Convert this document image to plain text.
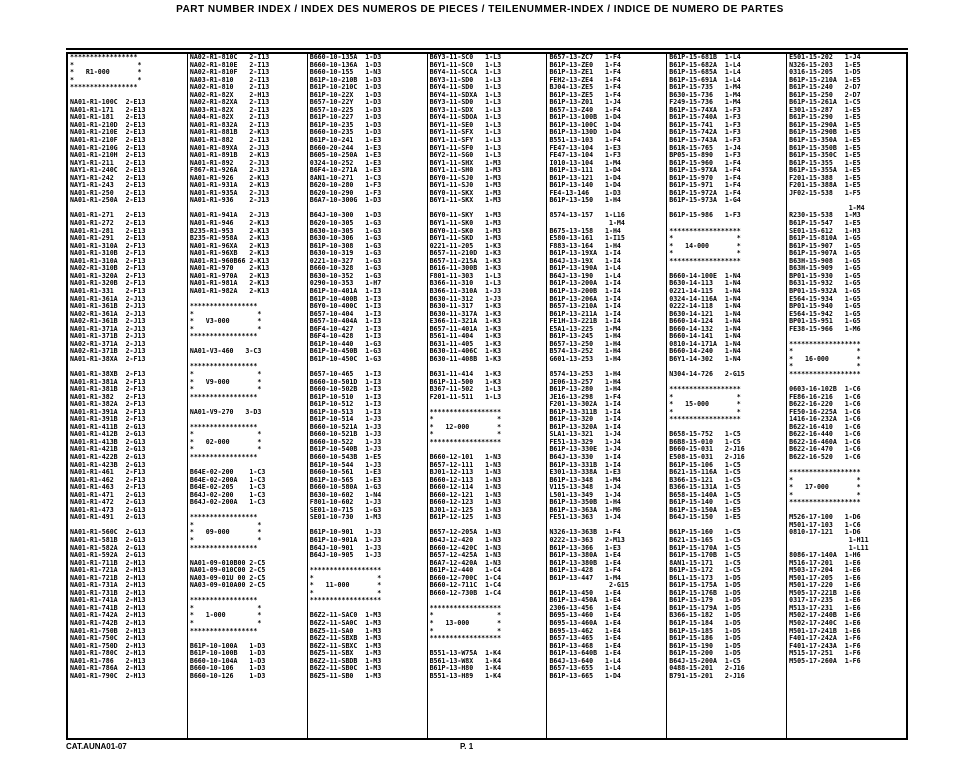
PART NUMBER INDEX / INDEX DES NUMEROS DE PIECES / TEILENUMMER-INDEX / INDICE DE NUMERO DE PARTES
*****************
*                *
*   R1-000       *
*                *
*****************
NA01-R1-100C  2-E13
NA01-R1-171   2-E13
NA01-R1-181   2-E13
NA01-R1-210D  2-E13
NA01-R1-210E  2-E13
NA01-R1-210F  2-E13
NA01-R1-210G  2-E13
NA01-R1-210H  2-E13
NAY1-R1-211   2-E13
NAY1-R1-240C  2-E13
NAY1-R1-242   2-E13
NAY1-R1-243   2-E13
NA01-R1-250   2-E13
NA01-R1-250A  2-E13
NA01-R1-271   2-E13
NA01-R1-272   2-E13
NA01-R1-281   2-E13
NA01-R1-291   2-E13
NA01-R1-310A  2-F13
NA01-R1-310B  2-F13
NA01-R1-310A  2-F13
NA02-R1-310B  2-F13
NA01-R1-320A  2-F13
NA01-R1-320B  2-F13
NA01-R1-331   2-F13
NA01-R1-361A  2-J13
NA01-R1-361B  2-J13
NA02-R1-361A  2-J13
NA02-R1-361B  2-J13
NA01-R1-371A  2-J13
NA01-R1-371B  2-J13
NA02-R1-371A  2-J13
NA02-R1-371B  2-J13
NA01-R1-38XA  2-F13
NA01-R1-38XB  2-F13
NA01-R1-381A  2-F13
NA01-R1-381B  2-F13
NA01-R1-382   2-F13
NA01-R1-382A  2-F13
NA01-R1-391A  2-F13
NA01-R1-391B  2-F13
NA01-R1-411B  2-G13
NA01-R1-412B  2-G13
NA01-R1-413B  2-G13
NA01-R1-421B  2-G13
NA01-R1-422B  2-G13
NA01-R1-423B  2-G13
NA01-R1-461   2-F13
NA01-R1-462   2-F13
NA01-R1-463   2-F13
NA01-R1-471   2-G13
NA01-R1-472   2-G13
NA01-R1-473   2-G13
NA01-R1-491   2-G13
NA01-R1-560C  2-G13
NA01-R1-581B  2-G13
NA01-R1-582A  2-G13
NA01-R1-592A  2-G13
NA01-R1-711B  2-H13
NA01-R1-721A  2-H13
NA01-R1-721B  2-H13
NA01-R1-731A  2-H13
NA01-R1-731B  2-H13
NA01-R1-741A  2-H13
NA01-R1-741B  2-H13
NA01-R1-742A  2-H13
NA01-R1-742B  2-H13
NA01-R1-750B  2-H13
NA01-R1-750C  2-H13
NA01-R1-750D  2-H13
NA01-R1-780C  2-H13
NA01-R1-786   2-H13
NA01-R1-786A  2-H13
NA01-R1-790C  2-H13
NA02-R1-810C   2-I13
NA02-R1-810E   2-I13
NA02-R1-810F   2-I13
NA03-R1-810    2-I13
NA02-R1-810    2-I13
NA02-R1-82X    2-H13
NA02-R1-82XA   2-I13
NA03-R1-82X    2-I13
NA04-R1-82X    2-I13
NA01-R1-832A   2-I13
NA01-R1-881B   2-K13
NA01-R1-882    2-I13
NA01-R1-89XA   2-J13
NA01-R1-891B   2-K13
NA01-R1-892    2-J13
F867-R1-926A   2-J13
NA01-R1-926    2-K13
NA01-R1-931A   2-K13
NA01-R1-935A   2-J13
NA01-R1-936    2-J13
NA01-R1-941A   2-J13
NA01-R1-946    2-K13
B235-R1-953    2-K13
B235-R1-958A   2-K13
NA01-R1-96XA   2-K13
NA01-R1-96XB   2-K13
NA01-R1-960B66 2-K13
NA01-R1-970    2-K13
NA01-R1-970A   2-K13
NA01-R1-981A   2-K13
NA01-R1-982A   2-K13
*****************
*                *
*   V3-000       *
*                *
*****************
NA01-V3-460   3-C3
*****************
*                *
*   V9-000       *
*                *
*****************
NA01-V9-270   3-D3
*****************
*                *
*   02-000       *
*                *
*****************
B64E-02-200    1-C3
B64E-02-200A   1-C3
B64E-02-205    1-C3
B64J-02-200    1-C3
B64J-02-200A   1-C3
*****************
*                *
*   09-000       *
*                *
*****************
NA01-09-010B00 2-C5
NA01-09-010C00 2-C5
NA03-09-01U 00 2-C5
NA03-09-010A00 2-C5
*****************
*                *
*   1-000        *
*                *
*****************
B61P-10-100A   1-D3
B61P-10-100B   1-D3
B660-10-104A   1-D3
B660-10-106    1-D3
B660-10-126    1-D3
B660-10-135A  1-D3
B660-10-136A  1-D3
B660-10-155   1-N3
B61P-10-210B  1-D3
B61P-10-210C  1-D3
B61P-10-22X   1-D3
B657-10-22Y   1-D3
B657-10-225   1-D3
B61P-10-227   1-D3
B61P-10-235   1-D3
B660-10-235   1-D3
B61P-10-241   1-E3
B660-20-244   1-E3
B605-10-250A  1-E3
0324-10-252   1-E3
B6F4-10-271A  1-E3
8AN1-10-271   1-C3
B620-10-280   1-F3
B620-10-290   1-F3
B6A7-10-300G  1-D3
B64J-10-300   1-D3
B620-10-305   1-G3
B630-10-305   1-G3
B630-10-306   1-G3
B61P-10-308   1-G3
B630-10-319   1-G3
0221-10-327   1-G3
B660-10-328   1-G3
B630-10-352   1-G3
0290-10-353   1-H7
B61P-10-401A  1-I3
B61P-10-400B  1-I3
B6Y0-10-400C  1-I3
B657-10-404   1-I3
B657-10-404A  1-I3
B6F4-10-427   1-I3
B6F4-10-428   1-I3
B61P-10-440   1-G3
B61P-10-450B  1-G3
B61P-10-450C  1-G3
B657-10-465   1-I3
B660-10-501D  1-I3
B660-10-502B  1-I3
B61P-10-510   1-I3
B61P-10-512   1-I3
B61P-10-513   1-I3
B61P-10-514   1-J3
B660-10-521A  1-J3
B660-10-521B  1-J3
B660-10-522   1-J3
B61P-10-540B  1-J3
B660-10-543B  1-E5
B61P-10-544   1-J3
B660-10-561   1-E3
B61P-10-565   1-E3
B660-10-580A  1-G3
B630-10-602   1-N4
F801-10-602   1-J3
SE01-10-715   1-G3
SE01-10-730   1-M3
B61P-10-901   1-J3
B61P-10-901A  1-J3
B64J-10-901   1-J3
B64J-10-905   1-J3
******************
*                *
*   11-000       *
*                *
******************
B6Z2-11-SAC0  1-M3
B6Z2-11-SA0C  1-M3
B6Z5-11-SA0   1-M3
B6Z2-11-SBXB  1-M3
B6Z2-11-SBXC  1-M3
B6Z5-11-SBX   1-M3
B6Z2-11-SBDB  1-M3
B6Z2-11-SB0C  1-M3
B6Z5-11-SB0   1-M3
B6Y3-11-SC0   1-L3
B6Y1-11-SC0   1-L3
B6Y4-11-SCCA  1-L3
B6Y3-11-SD0   1-L3
B6Y4-11-SD0   1-L3
B6Y4-11-SDXA  1-L3
B6Y3-11-SD0   1-L3
B6Y3-11-SDX   1-L3
B6Y4-11-SDOA  1-L3
B6Y1-11-SE0   1-L3
B6Y1-11-SFX   1-L3
B6Y1-11-SFY   1-L3
B6Y1-11-SF0   1-L3
B6Y2-11-SG0   1-L3
B6Y1-11-SHX   1-M3
B6Y1-11-SH0   1-M3
B6Y0-11-SJ0   1-M3
B6Y1-11-SJ0   1-M3
B6Y0-11-SKX   1-M3
B6Y1-11-SKX   1-M3
B6Y0-11-SKY   1-M3
B6Y1-11-SK0   1-M3
B6Y0-11-SK0   1-M3
B6Y1-11-SKD   1-M3
0221-11-205   1-K3
B657-11-210D  1-K3
B657-11-215A  1-K3
B616-11-300B  1-K3
F801-11-303   1-L3
B366-11-310   1-L3
B366-11-310A  1-J3
B630-11-312   1-J3
B630-11-317   1-K3
B630-11-317A  1-K3
E366-11-321A  1-K3
B657-11-401A  1-K3
B561-11-404   1-K3
B631-11-405   1-K3
B630-11-406C  1-K3
B630-11-408B  1-K3
B631-11-414   1-K3
B61P-11-500   1-K3
B367-11-502   1-L3
F201-11-511   1-L3
******************
*                *
*   12-000       *
*                *
******************
B660-12-101   1-N3
B657-12-111   1-N3
BJ01-12-113   1-N3
B660-12-113   1-N3
B660-12-114   1-N3
B660-12-121   1-N3
B660-12-123   1-N3
BJ01-12-125   1-N3
B61P-12-125   1-N3
B657-12-205A  1-N3
B64J-12-420   1-N3
B660-12-420C  1-N3
B657-12-425A  1-N3
B6A7-12-420A  1-N3
B61P-12-440   1-C4
B660-12-700C  1-C4
B660-12-711C  1-C4
B660-12-730B  1-C4
******************
*                *
*   13-000       *
*                *
******************
B551-13-W75A  1-K4
B561-13-W8X   1-K4
B61P-13-H80   1-K4
B551-13-H89   1-K4
B657-13-ZC7   1-F4
B61P-13-ZE0   1-F4
B61P-13-ZE1   1-F4
FEH2-13-ZE4   1-F4
BJ04-13-ZE5   1-F4
B61P-13-ZE5   1-F4
B61P-13-Z01   1-J4
B657-13-Z40   1-F4
B61P-13-100B  1-D4
B61P-13-100C  1-D4
B61P-13-130D  1-D4
B551-13-103   1-F4
FE47-13-104   1-E3
FE47-13-104   1-F3
I010-13-104   1-M4
B61P-13-111   1-D4
B61P-13-121   1-D4
B61P-13-140   1-D4
FE4-13-146    1-D3
B61P-13-150   1-H4
8574-13-157   1-L16
1-M4
B675-13-158   1-H4
E580-13-161   1-I15
F883-13-164   1-H4
B61P-13-19XA  1-I4
B64J-13-19X   1-I4
B61P-13-190A  1-L4
B64J-13-190   1-L4
B61P-13-200A  1-I4
B61P-13-200B  1-I4
B61P-13-206A  1-I4
B657-13-210A  1-I4
B61P-13-211A  1-I4
FE1H-13-221B  1-I4
E5A1-13-225   1-M4
B61P-13-245   1-H4
B657-13-250   1-H4
B574-13-252   1-H4
G601-13-253   1-H4
8574-13-253   1-H4
JE06-13-257   1-H4
B61P-13-280   1-H4
JE16-13-298   1-F4
F201-13-302A  1-I4
B61P-13-311B  1-I4
B61P-13-320   1-I4
B61P-13-320A  1-I4
SLA1-13-321   1-J4
FE51-13-329   1-J4
B61P-13-330E  1-J4
B64J-13-330   1-I4
B61P-13-331B  1-I4
E301-13-338A  1-E3
B61P-13-348   1-M4
V115-13-348   1-J4
L501-13-349   1-J4
B61P-13-350B  1-H4
B61P-13-363A  1-M6
FE51-13-363   1-J4
N326-13-363B  1-F4
0222-13-363   2-M13
B61P-13-366   1-E3
B61P-13-380A  1-E4
B61P-13-380B  1-E4
B61P-13-428   1-F4
B61P-13-447   1-M4
2-G15
B61P-13-450   1-E4
B61P-13-450A  1-E4
2306-13-456   1-E4
B695-13-460   1-E4
B695-13-460A  1-E4
B695-13-462   1-E4
B657-13-465   1-E4
B61P-13-468   1-E4
B61P-13-640B  1-E4
B64J-13-640   1-L4
B657-13-655   1-L4
B61P-13-665   1-D4
B61P-15-681B  1-L4
B61P-15-682A  1-L4
B61P-15-685A  1-L4
B61P-15-691A  1-L4
B61P-15-735   1-M4
B630-15-736   1-M4
F249-15-736   1-M4
B61P-15-74XA  1-F3
B61P-15-740A  1-F3
B61P-15-741   1-F3
B61P-15-742A  1-F3
B61P-15-743A  1-F3
B61R-15-765   1-J4
BP05-15-890   1-F3
B61P-15-960   1-F4
B61P-15-97XA  1-F4
B61P-15-970   1-F4
B61P-15-971   1-F4
B61P-15-972A  1-F4
B61P-15-973A  1-G4
B61P-15-986   1-F3
******************
*                *
*   14-000       *
*                *
******************
B660-14-100E  1-N4
B630-14-113   1-N4
0221-14-115   1-N4
0324-14-116A  1-N4
0222-14-118   1-N4
B630-14-121   1-N4
B660-14-124   1-N4
B660-14-132   1-N4
B660-14-141   1-N4
0810-14-171A  1-N4
B660-14-240   1-N4
B6Y1-14-302   1-N4
N304-14-726   2-G15
******************
*                *
*   15-000       *
*                *
******************
B658-15-752   1-C5
B6B8-15-010   1-C5
B660-15-031   2-J16
E508-15-031   2-J16
B61P-15-106   1-C5
B621-15-116A  1-C5
B366-15-121   1-C5
B366-15-131A  1-C5
B658-15-140A  1-C5
B61P-15-140   1-C5
B61P-15-150A  1-E5
B64J-15-150   1-E5
B61P-15-160   1-C5
B621-15-165   1-C5
B61P-15-170A  1-C5
B61P-15-170B  1-C5
8AN1-15-171   1-C5
B61P-15-172   1-C5
B6L1-15-173   1-D5
B61P-15-175A  1-D5
B61P-15-176B  1-D5
B61P-15-179   1-D5
B61P-15-179A  1-D5
B366-15-182   1-D5
B61P-15-184   1-D5
B61P-15-185   1-D5
B61P-15-186   1-D5
B61P-15-190   1-D5
B61P-15-200   1-D5
B64J-15-200A  1-C5
0488-15-201   2-J16
B791-15-201   2-J16
E501-15-202   1-J4
N326-15-203   1-E5
0316-15-205   1-D5
B61P-15-210A  1-E5
B61P-15-240   2-D7
B61P-15-250   2-D7
B61P-15-261A  1-C5
E301-15-287   1-E5
B61P-15-290   1-E5
B61P-15-290A  1-E5
B61P-15-290B  1-E5
B61P-15-350A  1-E5
B61P-15-350B  1-E5
B61P-15-350C  1-E5
B61P-15-355   1-E5
B61P-15-355A  1-E5
F201-15-388   1-E5
F201-15-388A  1-E5
JF02-15-538   1-F5
1-M4
R230-15-538   1-M3
B61P-15-547   1-E5
SE01-15-612   1-H3
B61P-15-810A  1-G5
B61P-15-907   1-G5
B61P-15-907A  1-G5
B63H-15-908   1-G5
B63H-15-909   1-G5
BP01-15-930   1-G5
B631-15-932   1-G5
BP01-15-932A  1-G5
E564-15-934   1-G5
BP01-15-940   1-G5
E564-15-942   1-G5
BP01-15-951   1-G5
FE38-15-966   1-M6
******************
*                *
*   16-000       *
*                *
******************
0603-16-102B  1-C6
FE86-16-216   1-C6
B622-16-220   1-C6
FE50-16-225A  1-C6
1416-16-232A  1-C6
B622-16-410   1-C6
B622-16-440   1-C6
B622-16-460A  1-C6
B622-16-470   1-C6
B622-16-520   1-C6
******************
*                *
*   17-000       *
*                *
******************
M526-17-100   1-D6
M501-17-103   1-C6
0810-17-121   1-D6
1-H11
1-L11
8086-17-140A  1-H6
M516-17-201   1-E6
M503-17-204   1-E6
M501-17-205   1-E6
M501-17-220   1-E6
M505-17-221B  1-E6
0317-17-235   1-E6
M513-17-231   1-E6
M502-17-240B  1-E6
M502-17-240C  1-E6
M501-17-241B  1-E6
F401-17-242A  1-F6
F401-17-243A  1-F6
M515-17-251   1-F6
M505-17-260A  1-F6
CAT.AUNA01-07	P. 1
